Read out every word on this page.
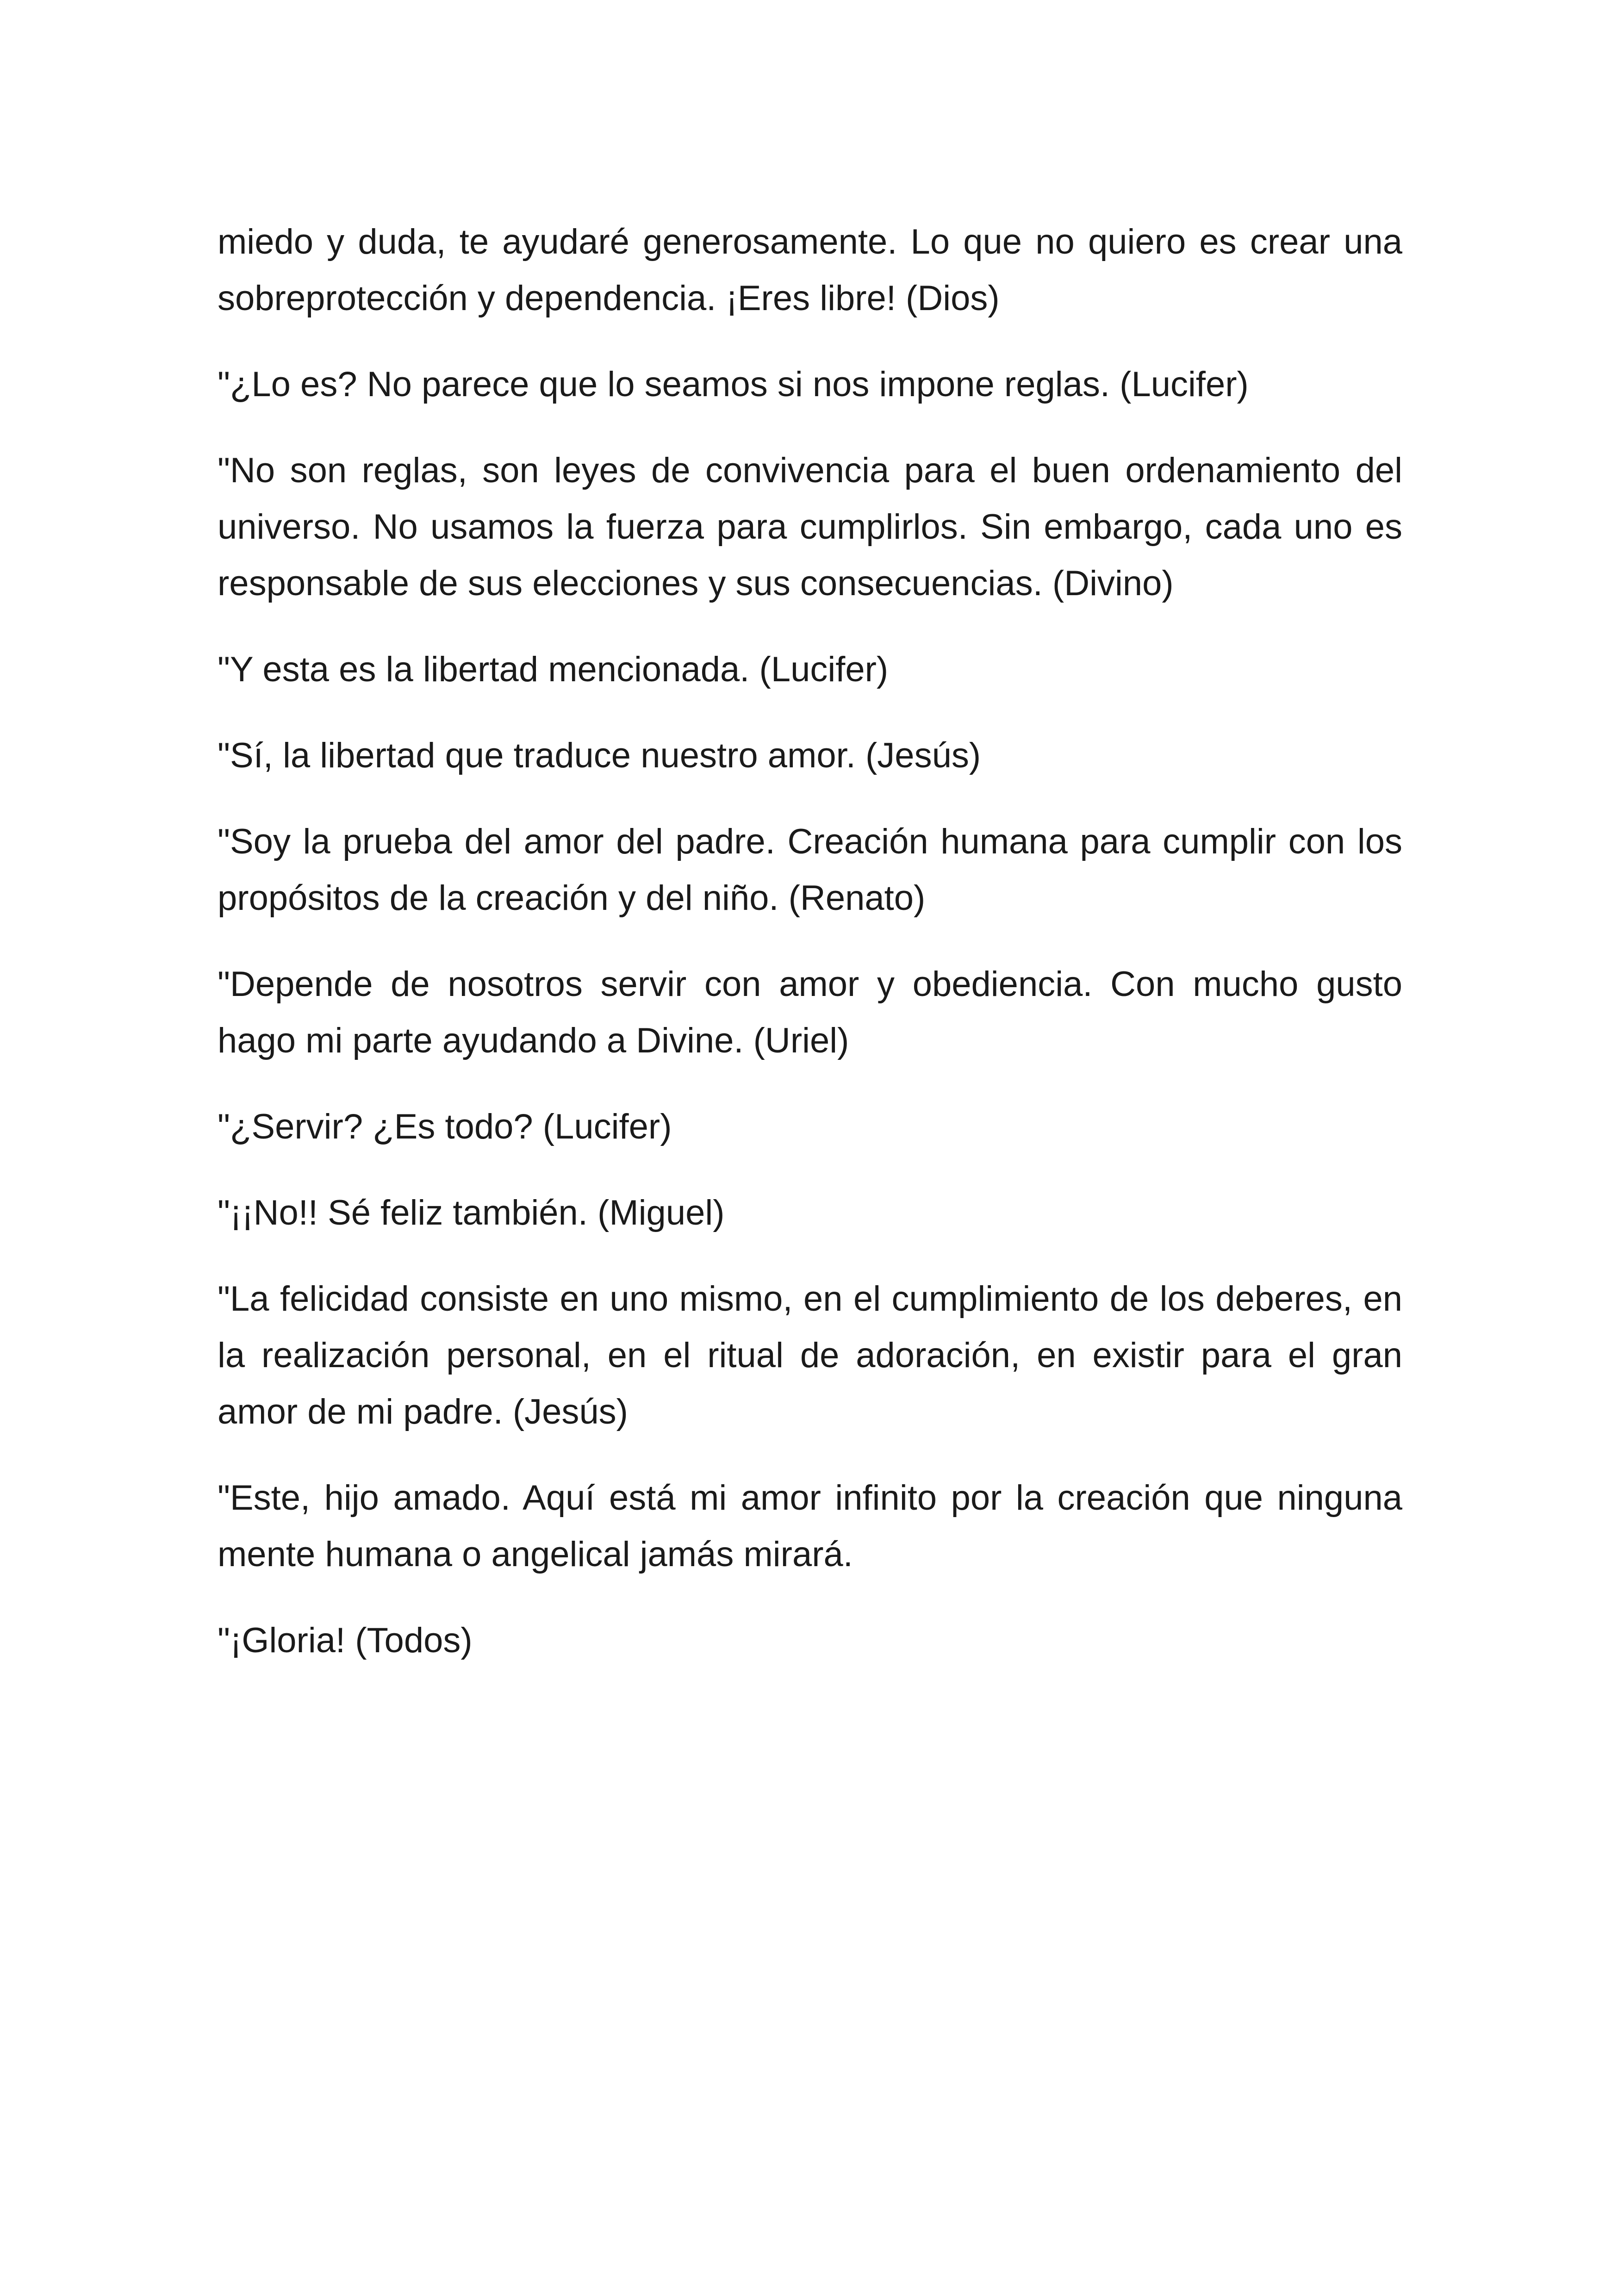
miedo y duda, te ayudaré generosamente. Lo que no quiero es crear una sobreprotección y dependencia. ¡Eres libre! (Dios)

"¿Lo es? No parece que lo seamos si nos impone reglas. (Lucifer)

"No son reglas, son leyes de convivencia para el buen ordenamiento del universo. No usamos la fuerza para cumplirlos. Sin embargo, cada uno es responsable de sus elecciones y sus consecuencias. (Divino)

"Y esta es la libertad mencionada. (Lucifer)

"Sí, la libertad que traduce nuestro amor. (Jesús)

"Soy la prueba del amor del padre. Creación humana para cumplir con los propósitos de la creación y del niño. (Renato)

"Depende de nosotros servir con amor y obediencia. Con mucho gusto hago mi parte ayudando a Divine. (Uriel)

"¿Servir? ¿Es todo? (Lucifer)

"¡¡No!! Sé feliz también. (Miguel)

"La felicidad consiste en uno mismo, en el cumplimiento de los deberes, en la realización personal, en el ritual de adoración, en existir para el gran amor de mi padre. (Jesús)

"Este, hijo amado. Aquí está mi amor infinito por la creación que ninguna mente humana o angelical jamás mirará.

"¡Gloria! (Todos)
